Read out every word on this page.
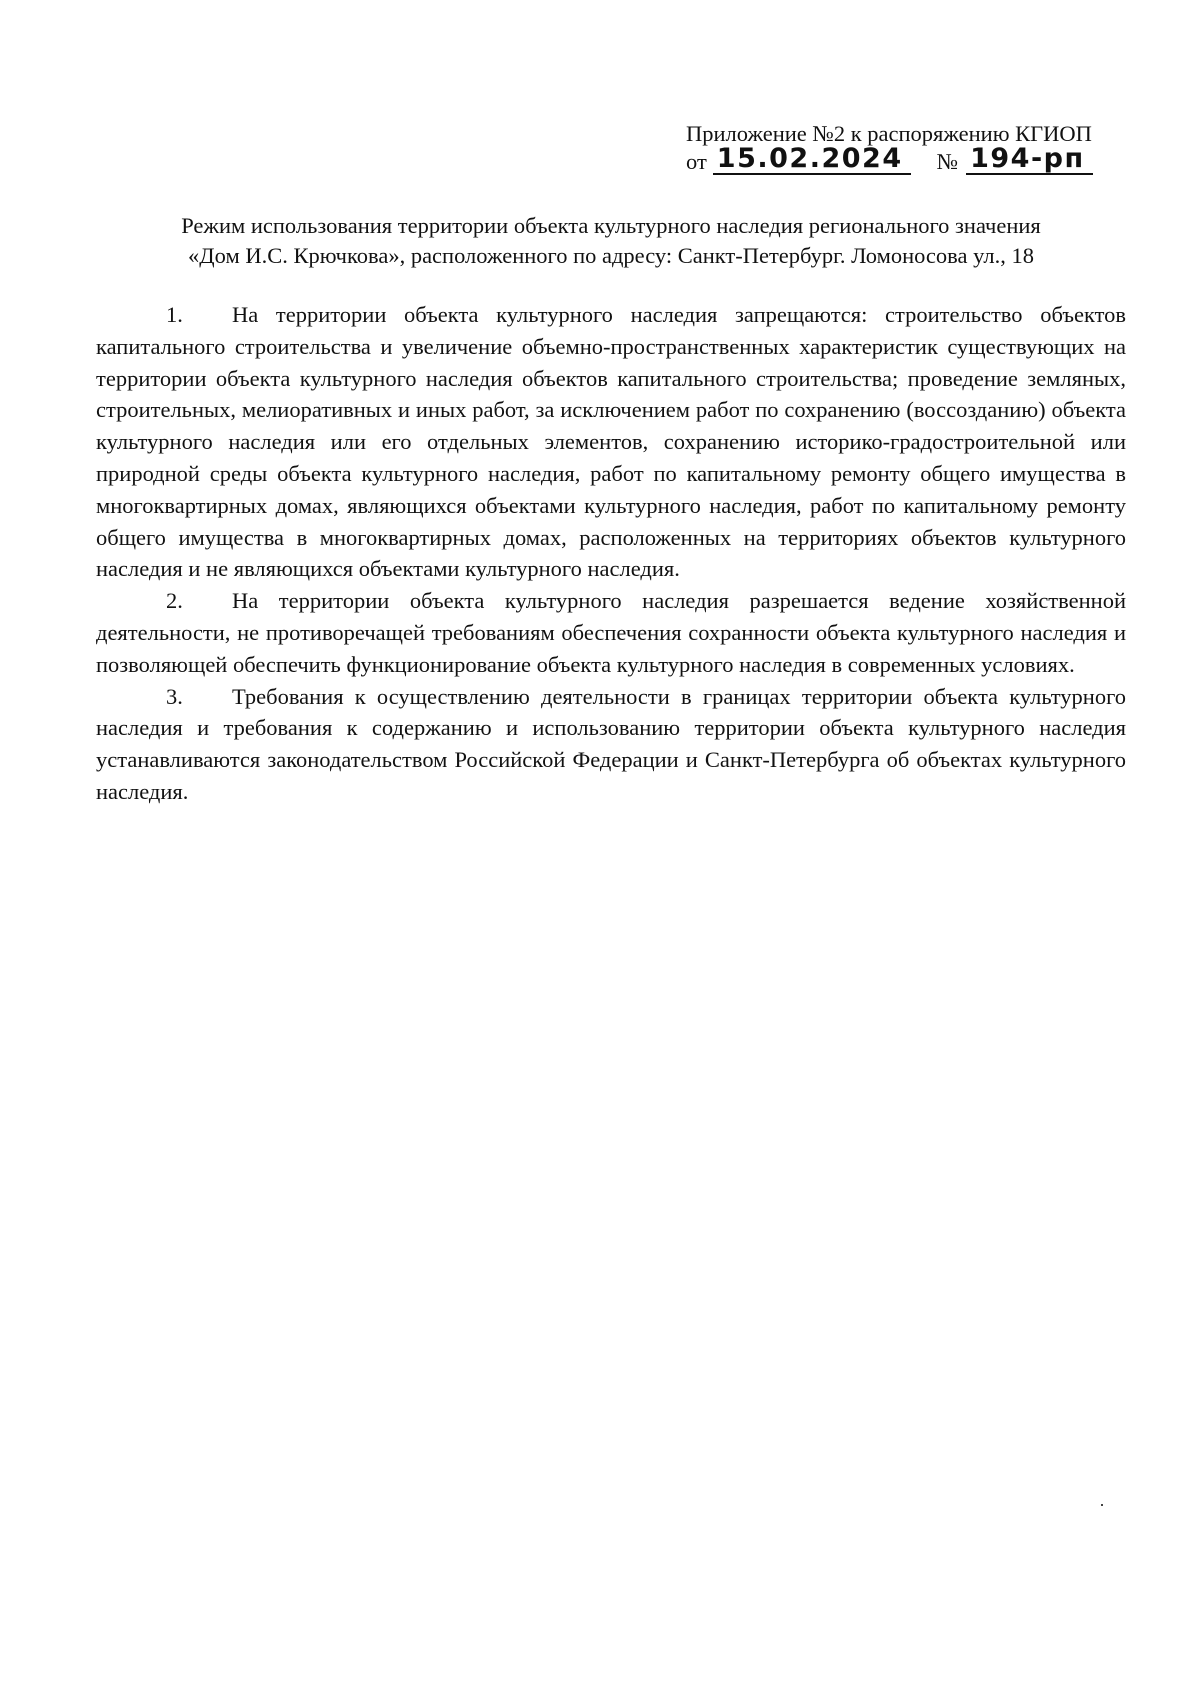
Приложение №2 к распоряжению КГИОП
от 15.02.2024	№ 194-рп
Режим использования территории объекта культурного наследия регионального значения
«Дом И.С. Крючкова», расположенного по адресу: Санкт-Петербург. Ломоносова ул., 18

1. На территории объекта культурного наследия запрещаются: строительство объектов капитального строительства и увеличение объемно-пространственных характеристик существующих на территории объекта культурного наследия объектов капитального строительства; проведение земляных, строительных, мелиоративных и иных работ, за исключением работ по сохранению (воссозданию) объекта культурного наследия или его отдельных элементов, сохранению историко-градостроительной или природной среды объекта культурного наследия, работ по капитальному ремонту общего имущества в многоквартирных домах, являющихся объектами культурного наследия, работ по капитальному ремонту общего имущества в многоквартирных домах, расположенных на территориях объектов культурного наследия и не являющихся объектами культурного наследия.

2. На территории объекта культурного наследия разрешается ведение хозяйственной деятельности, не противоречащей требованиям обеспечения сохранности объекта культурного наследия и позволяющей обеспечить функционирование объекта культурного наследия в современных условиях.

3. Требования к осуществлению деятельности в границах территории объекта культурного наследия и требования к содержанию и использованию территории объекта культурного наследия устанавливаются законодательством Российской Федерации и Санкт-Петербурга об объектах культурного наследия.
